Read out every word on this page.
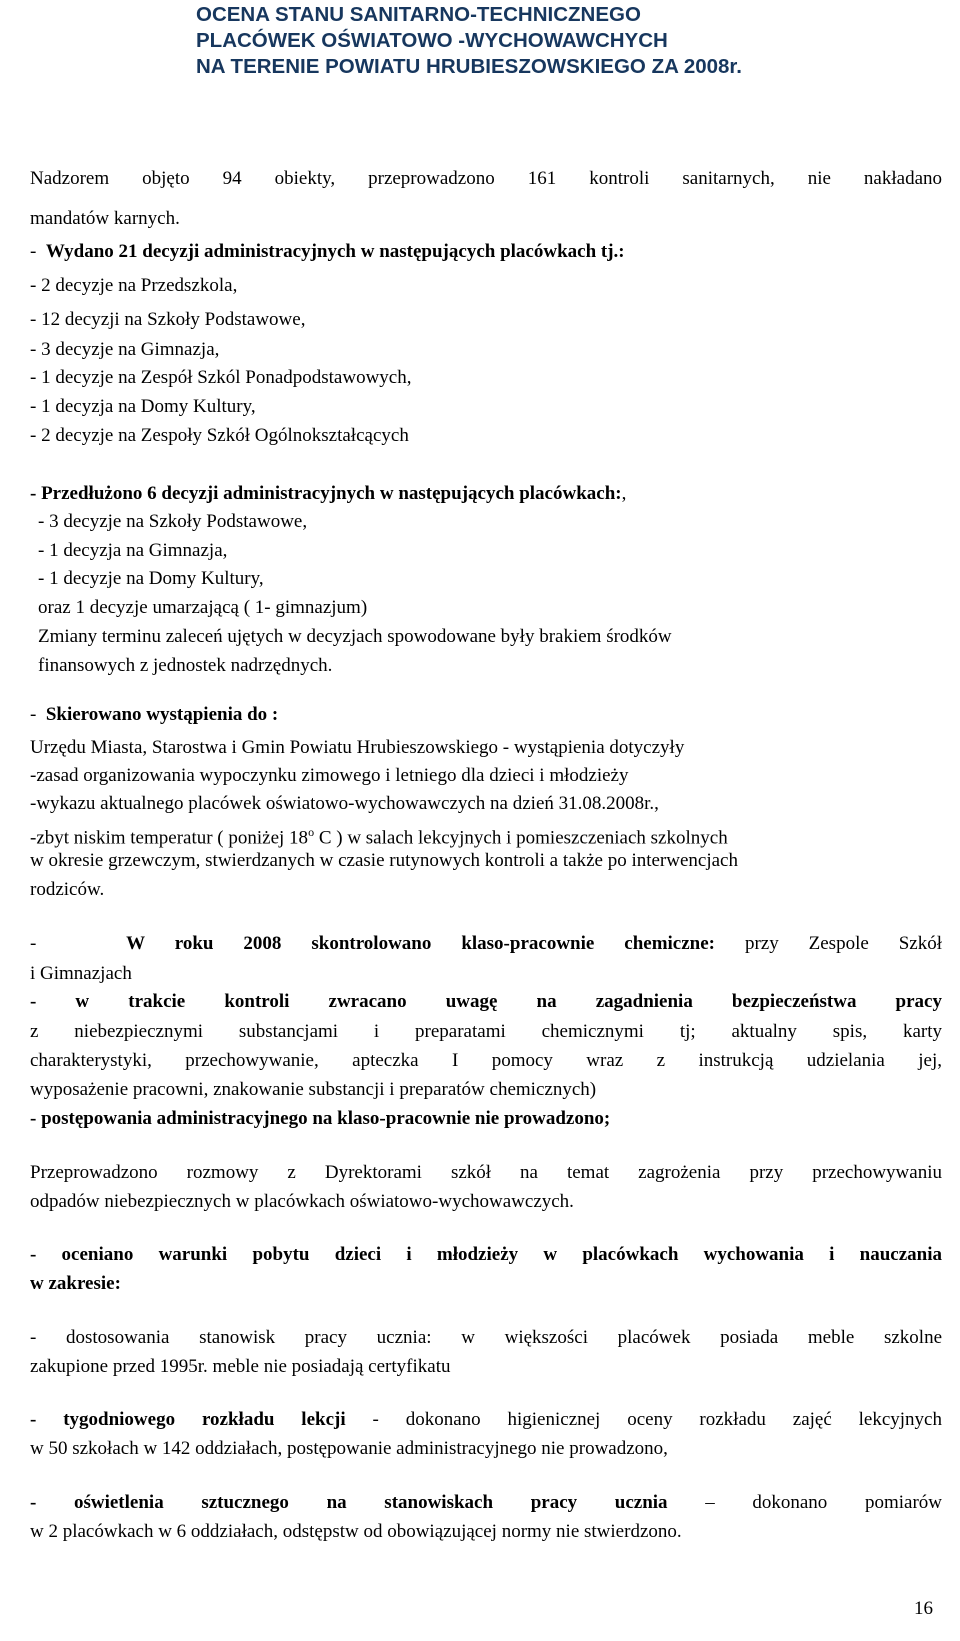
OCENA STANU SANITARNO-TECHNICZNEGO
PLACÓWEK OŚWIATOWO -WYCHOWAWCHYCH
NA TERENIE POWIATU HRUBIESZOWSKIEGO ZA 2008r.
Nadzorem objęto 94 obiekty, przeprowadzono 161 kontroli sanitarnych, nie nakładano
mandatów karnych.
-  Wydano 21 decyzji administracyjnych w następujących placówkach tj.:
- 2 decyzje na Przedszkola,
- 12 decyzji na Szkoły Podstawowe,
- 3 decyzje na Gimnazja,
- 1 decyzje na Zespół Szkól Ponadpodstawowych,
- 1 decyzja na Domy Kultury,
- 2 decyzje na Zespoły Szkół Ogólnokształcących
- Przedłużono 6 decyzji administracyjnych w następujących placówkach:,
- 3 decyzje na Szkoły Podstawowe,
- 1 decyzja na Gimnazja,
- 1 decyzje na Domy Kultury,
oraz 1 decyzje umarzającą ( 1- gimnazjum)
Zmiany terminu zaleceń ujętych w decyzjach spowodowane były brakiem środków
finansowych z jednostek nadrzędnych.
-  Skierowano wystąpienia do :
Urzędu Miasta, Starostwa i Gmin Powiatu Hrubieszowskiego - wystąpienia dotyczyły
-zasad organizowania wypoczynku zimowego i letniego dla dzieci i młodzieży
-wykazu aktualnego placówek oświatowo-wychowawczych na dzień 31.08.2008r.,
-zbyt niskim temperatur ( poniżej 18$^o$ C ) w salach lekcyjnych i pomieszczeniach szkolnych
w okresie grzewczym, stwierdzanych w czasie rutynowych kontroli a także po interwencjach
rodziców.
-   W roku 2008 skontrolowano klaso-pracownie chemiczne: przy Zespole Szkół
i Gimnazjach
- w trakcie kontroli zwracano uwagę na zagadnienia bezpieczeństwa pracy
z niebezpiecznymi substancjami i preparatami chemicznymi tj; aktualny spis, karty
charakterystyki, przechowywanie, apteczka I pomocy wraz z instrukcją udzielania jej,
wyposażenie pracowni, znakowanie substancji i preparatów chemicznych)
- postępowania administracyjnego na klaso-pracownie nie prowadzono;
Przeprowadzono rozmowy z Dyrektorami szkół na temat zagrożenia przy przechowywaniu
odpadów niebezpiecznych w placówkach oświatowo-wychowawczych.
- oceniano warunki pobytu dzieci i młodzieży w placówkach wychowania i nauczania
w zakresie:
- dostosowania stanowisk pracy ucznia: w większości placówek posiada meble szkolne
zakupione przed 1995r. meble nie posiadają certyfikatu
- tygodniowego rozkładu lekcji - dokonano higienicznej oceny rozkładu zajęć lekcyjnych
w 50 szkołach w 142 oddziałach, postępowanie administracyjnego nie prowadzono,
- oświetlenia sztucznego na stanowiskach pracy ucznia – dokonano pomiarów
w 2 placówkach w 6 oddziałach, odstępstw od obowiązującej normy nie stwierdzono.
16
